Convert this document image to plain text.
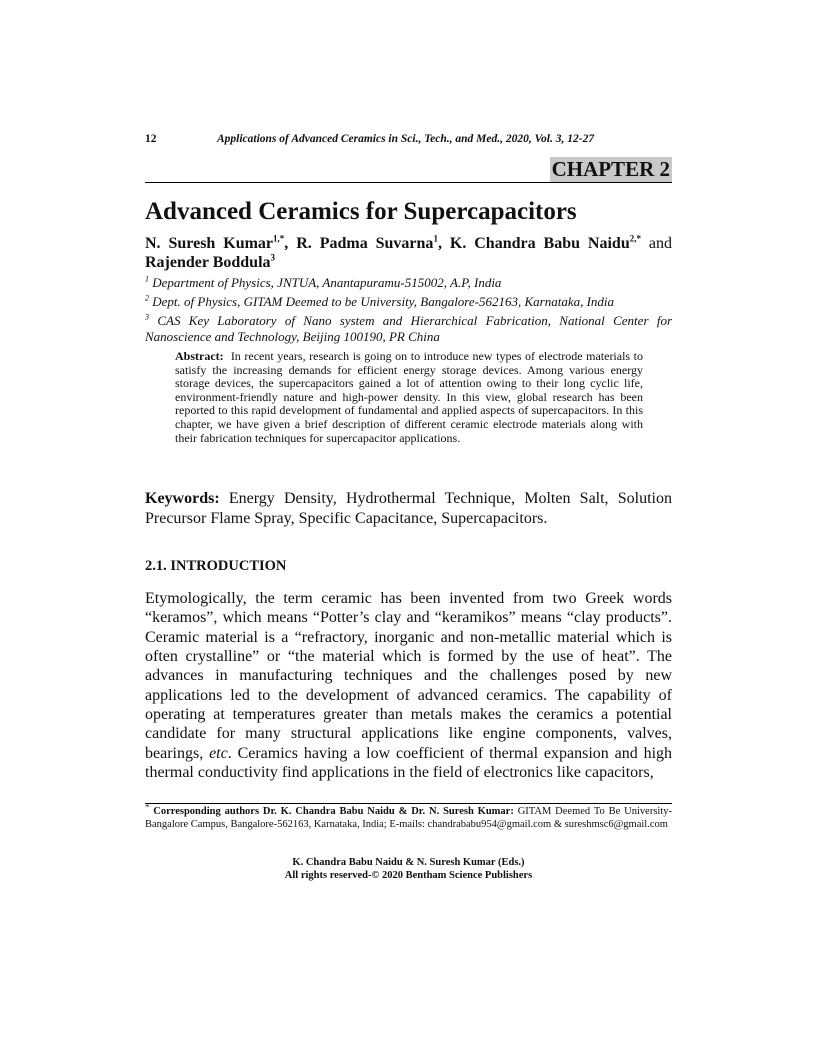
12	Applications of Advanced Ceramics in Sci., Tech., and Med., 2020, Vol. 3, 12-27
CHAPTER 2
Advanced Ceramics for Supercapacitors

N. Suresh Kumar$^{1,*}$, R. Padma Suvarna$^1$, K. Chandra Babu Naidu$^{2,*}$ and Rajender Boddula$^3$

$^1$ Department of Physics, JNTUA, Anantapuramu-515002, A.P, India

$^2$ Dept. of Physics, GITAM Deemed to be University, Bangalore-562163, Karnataka, India

$^3$ CAS Key Laboratory of Nano system and Hierarchical Fabrication, National Center for Nanoscience and Technology, Beijing 100190, PR China

Abstract: In recent years, research is going on to introduce new types of electrode materials to satisfy the increasing demands for efficient energy storage devices. Among various energy storage devices, the supercapacitors gained a lot of attention owing to their long cyclic life, environment-friendly nature and high-power density. In this view, global research has been reported to this rapid development of fundamental and applied aspects of supercapacitors. In this chapter, we have given a brief description of different ceramic electrode materials along with their fabrication techniques for supercapacitor applications.

Keywords: Energy Density, Hydrothermal Technique, Molten Salt, Solution Precursor Flame Spray, Specific Capacitance, Supercapacitors.

2.1. INTRODUCTION

Etymologically, the term ceramic has been invented from two Greek words “keramos”, which means “Potter’s clay and “keramikos” means “clay products”. Ceramic material is a “refractory, inorganic and non-metallic material which is often crystalline” or “the material which is formed by the use of heat”. The advances in manufacturing techniques and the challenges posed by new applications led to the development of advanced ceramics. The capability of operating at temperatures greater than metals makes the ceramics a potential candidate for many structural applications like engine components, valves, bearings, etc. Ceramics having a low coefficient of thermal expansion and high thermal conductivity find applications in the field of electronics like capacitors,

* Corresponding authors Dr. K. Chandra Babu Naidu & Dr. N. Suresh Kumar: GITAM Deemed To Be University-Bangalore Campus, Bangalore-562163, Karnataka, India; E-mails: chandrababu954@gmail.com & sureshmsc6@gmail.com

K. Chandra Babu Naidu & N. Suresh Kumar (Eds.)
All rights reserved-© 2020 Bentham Science Publishers
